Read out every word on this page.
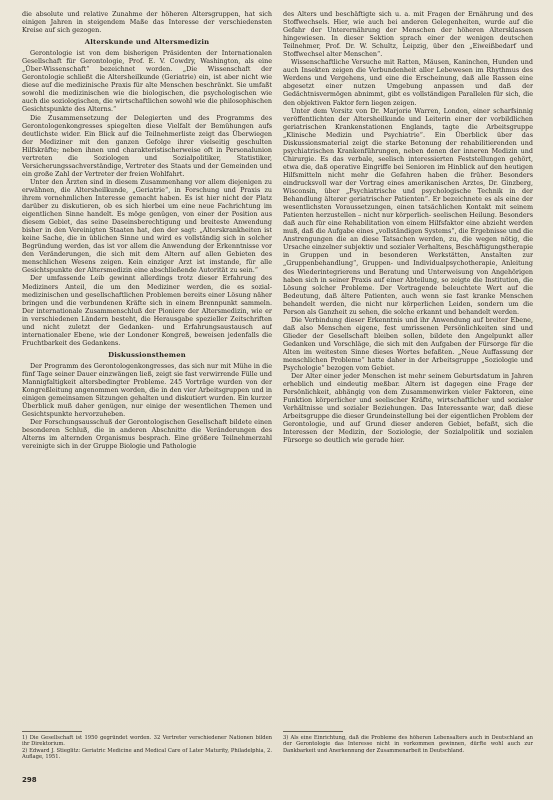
die absolute und relative Zunahme der höheren Altersgruppen, hat sich einigen Jahren in steigendem Maße das Interesse der verschiedensten Kreise auf sich gezogen.

Alterskunde und Altersmedizin

Gerontologie ist von dem bisherigen Präsidenten der Internationalen Gesellschaft für Gerontologie, Prof. E. V. Cowdry, Washington, als eine „Über-Wissenschaft“ bezeichnet worden. „Die Wissenschaft der Gerontologie schließt die Altersheilkunde (Geriatrie) ein, ist aber nicht wie diese auf die medizinische Praxis für alte Menschen beschränkt. Sie umfaßt sowohl die medizinischen wie die biologischen, die psychologischen wie auch die soziologischen, die wirtschaftlichen sowohl wie die philosophischen Gesichtspunkte des Alterns.“

Die Zusammensetzung der Delegierten und des Programms des Gerontologenkongresses spiegelten diese Vielfalt der Bemühungen aufs deutlichste wider. Ein Blick auf die Teilnehmerliste zeigt das Überwiegen der Mediziner mit den ganzen Gefolge ihrer vielseitig geschulten Hilfskräfte; neben ihnen und charakteristischerweise oft in Personalunion vertreten die Soziologen und Sozialpolitiker, Statistiker, Versicherungssachverständige, Vertreter des Staats und der Gemeinden und ein große Zahl der Vertreter der freien Wohlfahrt.

Unter den Ärzten sind in diesem Zusammenhang vor allem diejenigen zu erwähnen, die Altersheilkunde, „Geriatrie“, in Forschung und Praxis zu ihrem vornehmlichen Interesse gemacht haben. Es ist hier nicht der Platz darüber zu diskutieren, ob es sich hierbei um eine neue Fachrichtung im eigentlichen Sinne handelt. Es möge genügen, von einer der Position aus diesem Gebiet, das seine Daseinsberechtigung und breiteste Anwendung bisher in den Vereinigten Staaten hat, den der sagt: „Alterskrankheiten ist keine Sache, die in üblichen Sinne und wird es vollständig sich in solcher Begründung werden, das ist vor allem die Anwendung der Erkenntnisse vor den Veränderungen, die sich mit dem Altern auf allen Gebieten des menschlichen Wesens zeigen. Kein einziger Arzt ist imstande, für alle Gesichtspunkte der Altersmedizin eine abschließende Autorität zu sein.“

Der umfassende Leib gewinnt allerdings trotz dieser Erfahrung des Mediziners Anteil, die um den Mediziner werden, die es sozial-medizinischen und gesellschaftlichen Problemen bereits einer Lösung näher bringen und die verbundenen Kräfte sich in einem Brennpunkt sammeln. Der internationale Zusammenschluß der Pioniere der Altersmedizin, wie er in verschiedenen Ländern besteht, die Herausgabe spezieller Zeitschriften und nicht zuletzt der Gedanken- und Erfahrungsaustausch auf internationaler Ebene, wie der Londoner Kongreß, beweisen jedenfalls die Fruchtbarkeit des Gedankens.

Diskussionsthemen

Der Programm des Gerontologenkongresses, das sich nur mit Mühe in die fünf Tage seiner Dauer einzwängen ließ, zeigt sie fast verwirrende Fülle und Mannigfaltigkeit altersbedingter Probleme. 245 Vorträge wurden von der Kongreßleitung angenommen worden, die in den vier Arbeitsgruppen und in einigen gemeinsamen Sitzungen gehalten und diskutiert wurden. Ein kurzer Überblick muß daher genügen, nur einige der wesentlichen Themen und Gesichtspunkte hervorzuheben.

Der Forschungsausschuß der Gerontologischen Gesellschaft bildete einen besonderen Schluß, die in anderen Abschnitte die Veränderungen des Alterns im alternden Organismus besprach. Eine größere Teilnehmerzahl vereinigte sich in der Gruppe Biologie und Pathologie

des Alters und beschäftigte sich u. a. mit Fragen der Ernährung und des Stoffwechsels. Hier, wie auch bei anderen Gelegenheiten, wurde auf die Gefahr der Unterernährung der Menschen der höheren Altersklassen hingewiesen. In dieser Sektion sprach einer der wenigen deutschen Teilnehmer, Prof. Dr. W. Schultz, Leipzig, über den „Eiweißbedarf und Stoffwechsel alter Menschen“.

Wissenschaftliche Versuche mit Ratten, Mäusen, Kaninchen, Hunden und auch Insekten zeigen die Verbundenheit aller Lebewesen im Rhythmus des Werdens und Vergehens, und eine die Erscheinung, daß alle Rassen eine abgesetzt einer nutzen Umgebung anpassen und daß der Gedächtnisvermögen abnimmt, gibt es vollständigen Parallelen für sich, die den objektiven Faktor fern liegen zeigen.

Unter dem Vorsitz von Dr. Marjorie Warren, London, einer scharfsinnig veröffentlichten der Altersheilkunde und Leiterin einer der vorbildlichen geriatrischen Krankenstationen Englands, tagte die Arbeitsgruppe „Klinische Medizin und Psychiatrie“. Ein Überblick über das Diskussionsmaterial zeigt die starke Betonung der rehabilitierenden und psychiatrischen Krankenführungen, neben denen der inneren Medizin und Chirurgie. Es das verbale, seelisch interessierten Feststellungen gehört, etwa die, daß operative Eingriffe bei Senioren im Hinblick auf den heutigen Hilfsmitteln nicht mehr die Gefahren haben die früher. Besonders eindrucksvoll war der Vortrag eines amerikanischen Arztes, Dr. Ginzberg, Wisconsin, über „Psychiatrische und psychologische Technik in der Behandlung älterer geriatrischer Patienten“. Er bezeichnete es als eine der wesentlichsten Voraussetzungen, einen tatsächlichen Kontakt mit seinem Patienten herzustellen – nicht nur körperlich- seelischen Heilung. Besonders daß auch für eine Rehabilitation von einem Hilfsfaktor eine abzieht werden muß, daß die Aufgabe eines „vollständigen Systems“, die Ergebnisse und die Anstrengungen die an diese Tatsachen werden, zu, die wegen nötig, die Ursache einzelner subjektiv und sozialer Verhaltens, Beschäftigungstherapie in Gruppen und in besonderen Werkstätten, Anstalten zur „Gruppenbehandlung“, Gruppen- und Individualpsychotherapie, Anleitung des Wiederintegrierens und Beratung und Unterweisung von Angehörigen haben sich in seiner Praxis auf einer Abteilung, so zeigte die Institution, die Lösung solcher Probleme. Der Vortragende beleuchtete Wert auf die Bedeutung, daß ältere Patienten, auch wenn sie fast kranke Menschen behandelt werden, die nicht nur körperlichen Leiden, sondern um die Person als Ganzheit zu sehen, die solche erkannt und behandelt werden.

Die Verbindung dieser Erkenntnis und ihr Anwendung auf breiter Ebene, daß also Menschen eigene, fest umrissenen Persönlichkeiten sind und Glieder der Gesellschaft bleiben sollen, bildete den Angelpunkt aller Gedanken und Vorschläge, die sich mit den Aufgaben der Fürsorge für die Alten im weitesten Sinne dieses Wortes befaßten. „Neue Auffassung der menschlichen Probleme“ hatte daher in der Arbeitsgruppe „Soziologie und Psychologie“ bezogen vom Gebiet.

Der Alter einer jeder Menschen ist mehr seinem Geburtsdatum in Jahren erheblich und eindeutig meßbar. Altern ist dagegen eine Frage der Persönlichkeit, abhängig von dem Zusammenwirken vieler Faktoren, eine Funktion körperlicher und seelischer Kräfte, wirtschaftlicher und sozialer Verhältnisse und sozialer Beziehungen. Das Interessante war, daß diese Arbeitsgruppe die dieser Grundeinstellung bei der eigentlichen Problem der Gerontologie, und auf Grund dieser anderen Gebiet, befaßt, sich die Interessen der Medizin, der Soziologie, der Sozialpolitik und sozialen Fürsorge so deutlich wie gerade hier.

1) Die Gesellschaft ist 1950 gegründet worden. 32 Vertreter verschiedener Nationen bilden ihr Direktorium.

2) Edward J. Stieglitz: Geriatric Medicine and Medical Care of Later Maturity, Philadelphia, 2. Auflage, 1951.

3) Als eine Einrichtung, daß die Probleme des höheren Lebensalters auch in Deutschland an der Gerontologie das Interesse nicht in vorkommen gewinnen, dürfte wohl auch zur Dankbarkeit und Anerkennung der Zusammenarbeit in Deutschland.

298
